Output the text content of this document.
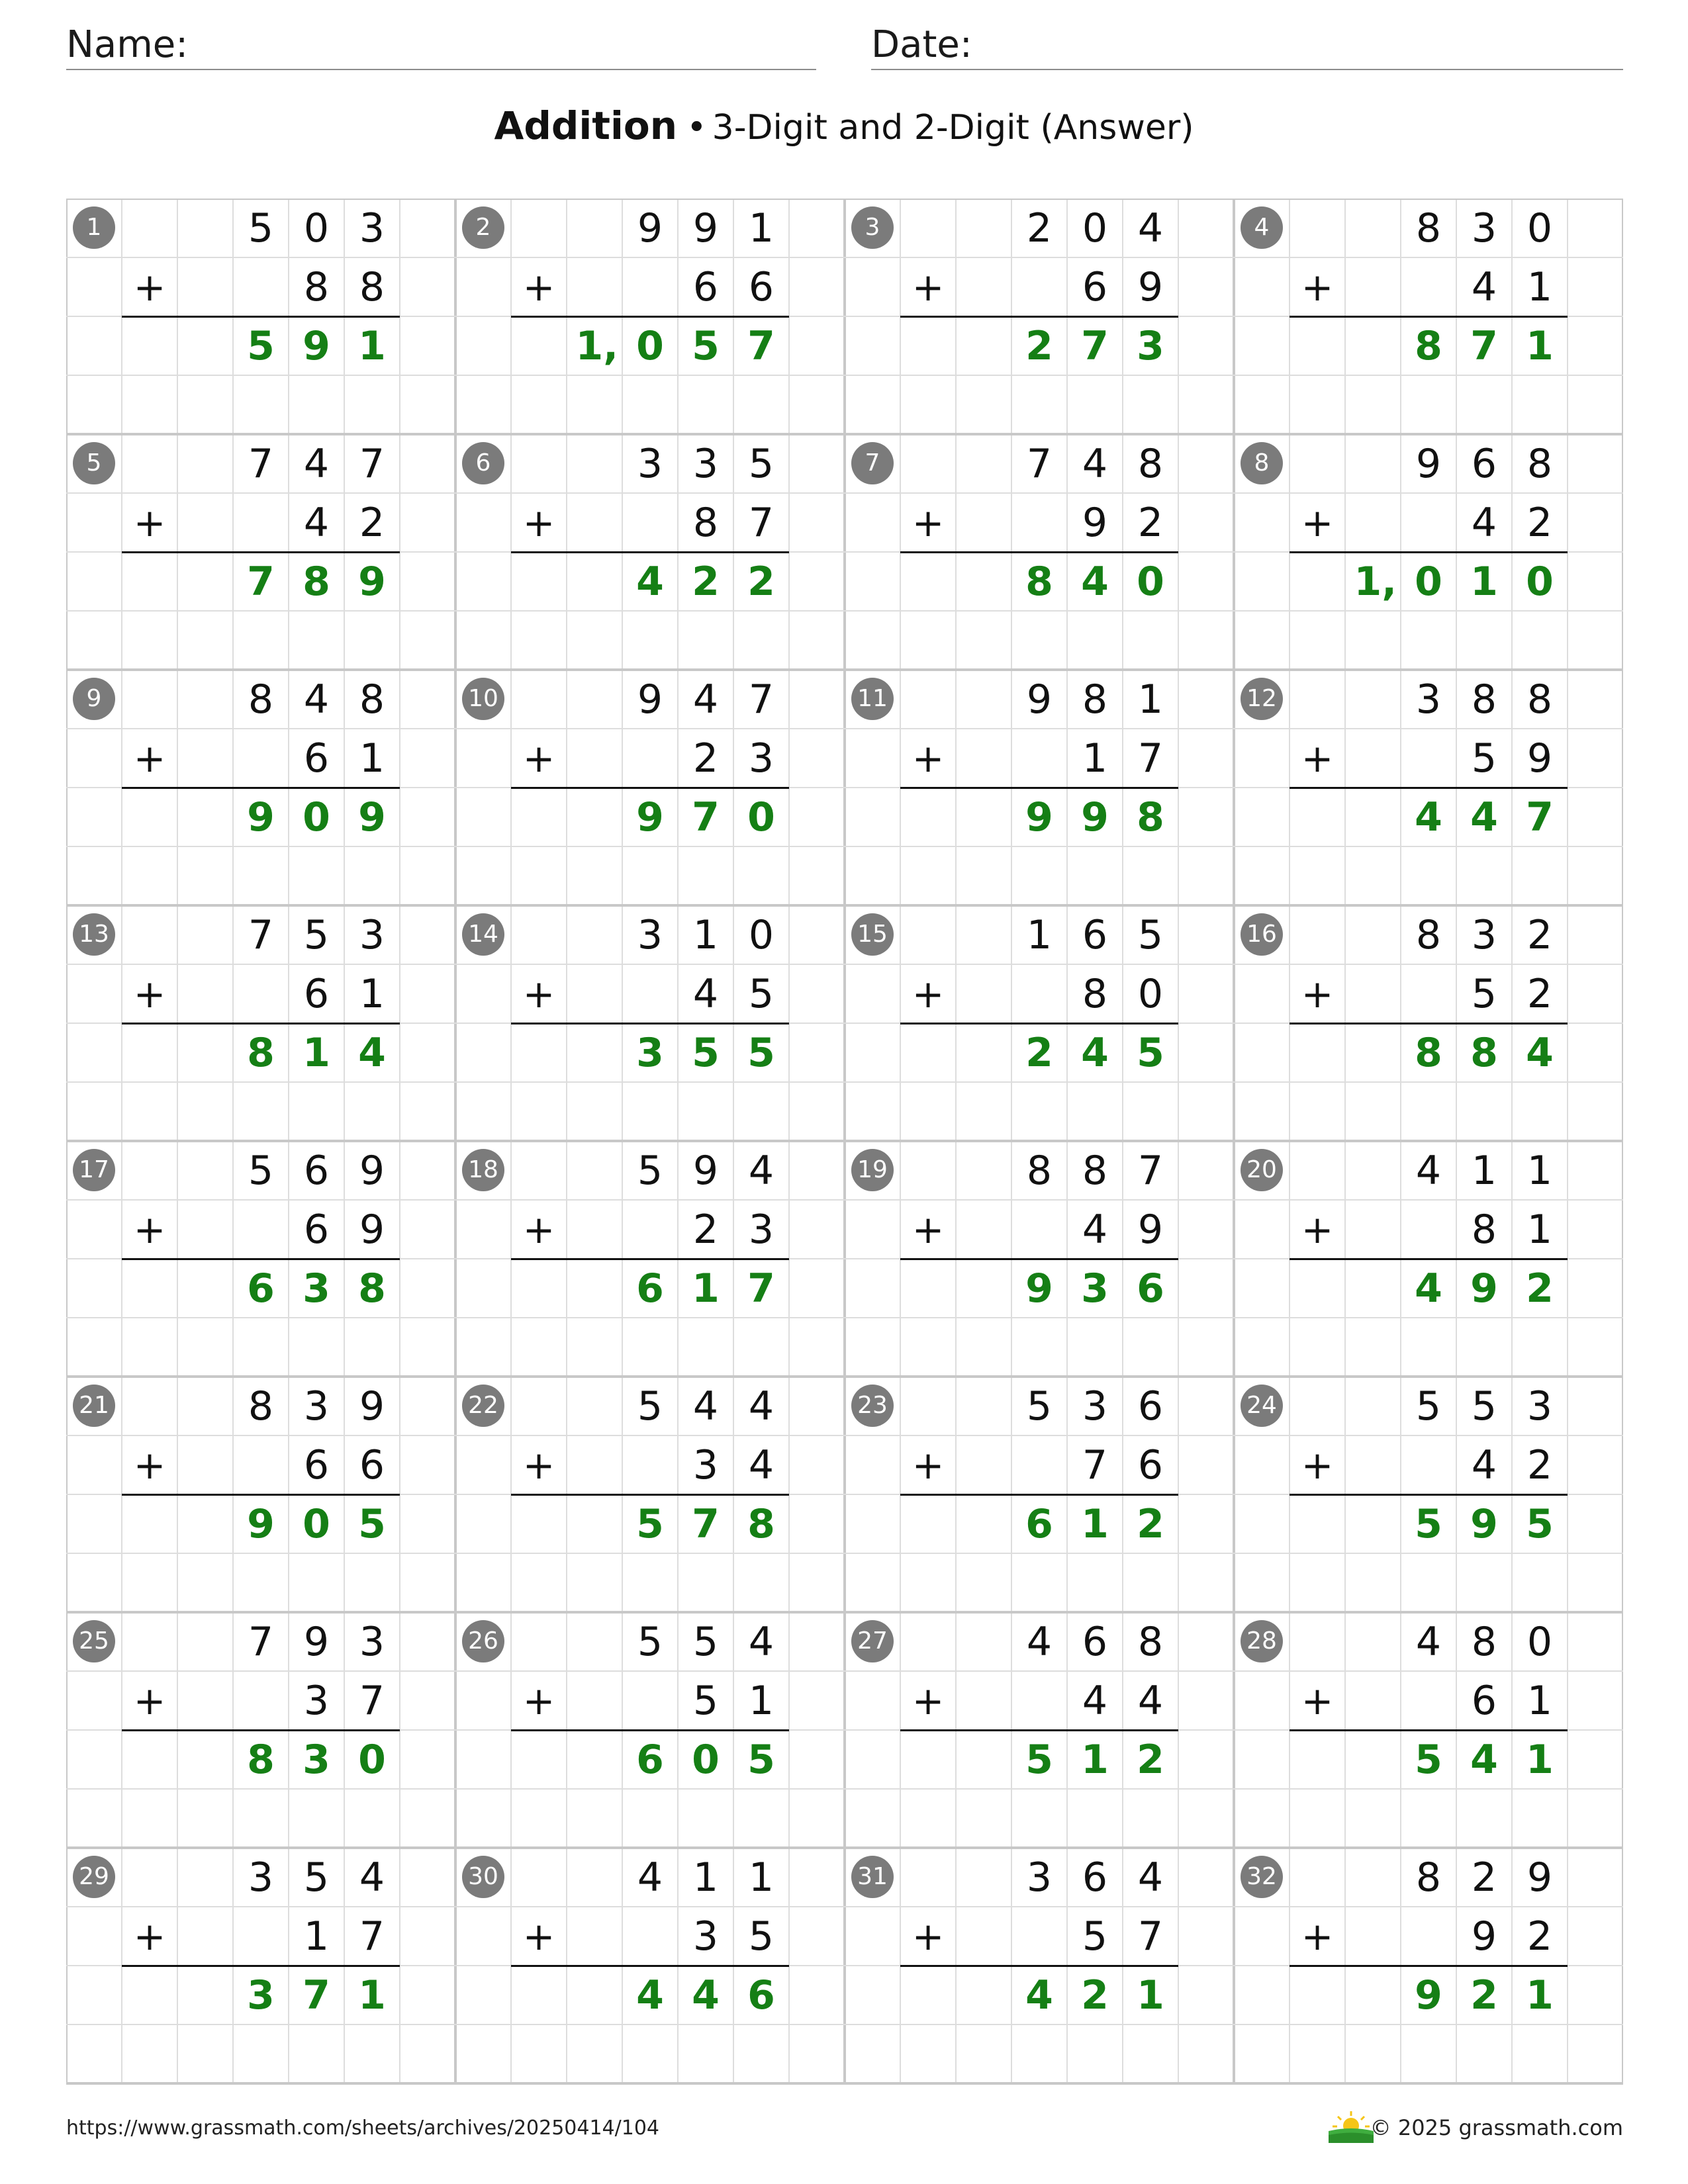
Name:	Date:
Addition • 3-Digit and 2-Digit (Answer)
1	5 0 3
+	8 8
5 9 1
2	9 9 1
+	6 6
1, 0 5 7
3	2 0 4
+	6 9
2 7 3
4	8 3 0
+	4 1
8 7 1
5	7 4 7
+	4 2
7 8 9
6	3 3 5
+	8 7
4 2 2
7	7 4 8
+	9 2
8 4 0
8	9 6 8
+	4 2
1, 0 1 0
9	8 4 8
+	6 1
9 0 9
10	9 4 7
+	2 3
9 7 0
11	9 8 1
+	1 7
9 9 8
12	3 8 8
+	5 9
4 4 7
13	7 5 3
+	6 1
8 1 4
14	3 1 0
+	4 5
3 5 5
15	1 6 5
+	8 0
2 4 5
16	8 3 2
+	5 2
8 8 4
17	5 6 9
+	6 9
6 3 8
18	5 9 4
+	2 3
6 1 7
19	8 8 7
+	4 9
9 3 6
20	4 1 1
+	8 1
4 9 2
21	8 3 9
+	6 6
9 0 5
22	5 4 4
+	3 4
5 7 8
23	5 3 6
+	7 6
6 1 2
24	5 5 3
+	4 2
5 9 5
25	7 9 3
+	3 7
8 3 0
26	5 5 4
+	5 1
6 0 5
27	4 6 8
+	4 4
5 1 2
28	4 8 0
+	6 1
5 4 1
29	3 5 4
+	1 7
3 7 1
30	4 1 1
+	3 5
4 4 6
31	3 6 4
+	5 7
4 2 1
32	8 2 9
+	9 2
9 2 1
https://www.grassmath.com/sheets/archives/20250414/104	© 2025 grassmath.com
